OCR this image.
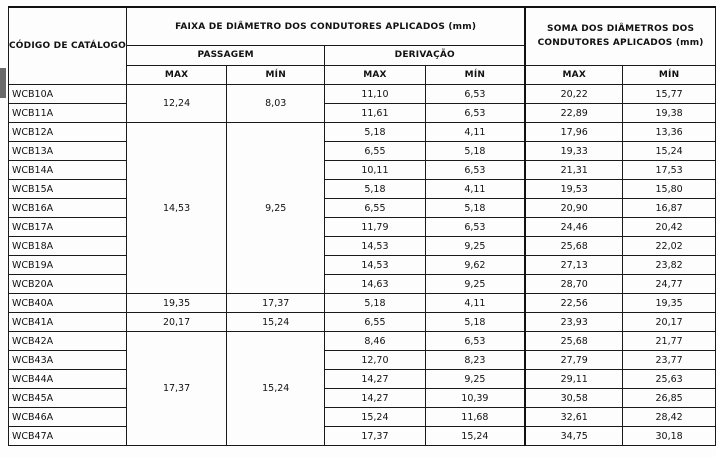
CÓDIGO DE CATÁLOGO	FAIXA DE DIÂMETRO DOS CONDUTORES APLICADOS (mm)				SOMA DOS DIÂMETROS DOS CONDUTORES APLICADOS (mm)	
	PASSAGEM		DERIVAÇÃO			
	MAX	MÍN	MAX	MÍN	MAX	MÍN
WCB10A	12,24	8,03	11,10	6,53	20,22	15,77
WCB11A			11,61	6,53	22,89	19,38
WCB12A	14,53	9,25	5,18	4,11	17,96	13,36
WCB13A			6,55	5,18	19,33	15,24
WCB14A			10,11	6,53	21,31	17,53
WCB15A			5,18	4,11	19,53	15,80
WCB16A			6,55	5,18	20,90	16,87
WCB17A			11,79	6,53	24,46	20,42
WCB18A			14,53	9,25	25,68	22,02
WCB19A			14,53	9,62	27,13	23,82
WCB20A			14,63	9,25	28,70	24,77
WCB40A	19,35	17,37	5,18	4,11	22,56	19,35
WCB41A	20,17	15,24	6,55	5,18	23,93	20,17
WCB42A	17,37	15,24	8,46	6,53	25,68	21,77
WCB43A			12,70	8,23	27,79	23,77
WCB44A			14,27	9,25	29,11	25,63
WCB45A			14,27	10,39	30,58	26,85
WCB46A			15,24	11,68	32,61	28,42
WCB47A			17,37	15,24	34,75	30,18
